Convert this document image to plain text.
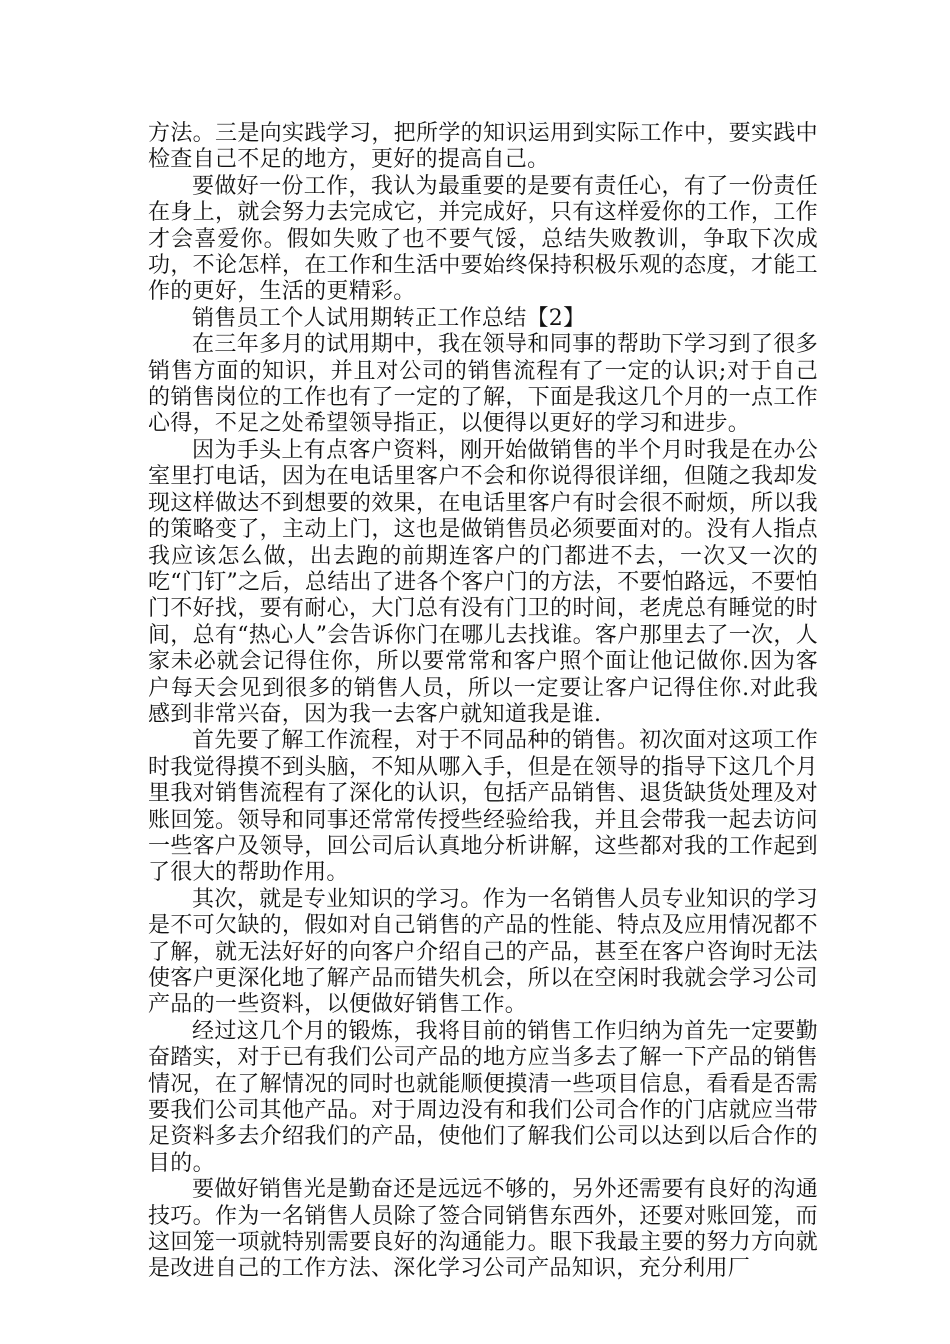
方法。三是向实践学习，把所学的知识运用到实际工作中，要实践中检查自己不足的地方，更好的提高自己。

要做好一份工作，我认为最重要的是要有责任心，有了一份责任在身上，就会努力去完成它，并完成好，只有这样爱你的工作，工作才会喜爱你。假如失败了也不要气馁，总结失败教训，争取下次成功，不论怎样，在工作和生活中要始终保持积极乐观的态度，才能工作的更好，生活的更精彩。

销售员工个人试用期转正工作总结【2】

在三年多月的试用期中，我在领导和同事的帮助下学习到了很多销售方面的知识，并且对公司的销售流程有了一定的认识;对于自己的销售岗位的工作也有了一定的了解，下面是我这几个月的一点工作心得，不足之处希望领导指正，以便得以更好的学习和进步。

因为手头上有点客户资料，刚开始做销售的半个月时我是在办公室里打电话，因为在电话里客户不会和你说得很详细，但随之我却发现这样做达不到想要的效果，在电话里客户有时会很不耐烦，所以我的策略变了，主动上门，这也是做销售员必须要面对的。没有人指点我应该怎么做，出去跑的前期连客户的门都进不去，一次又一次的吃“门钉”之后，总结出了进各个客户门的方法，不要怕路远，不要怕门不好找，要有耐心，大门总有没有门卫的时间，老虎总有睡觉的时间，总有“热心人”会告诉你门在哪儿去找谁。客户那里去了一次，人家未必就会记得住你，所以要常常和客户照个面让他记做你.因为客户每天会见到很多的销售人员，所以一定要让客户记得住你.对此我感到非常兴奋，因为我一去客户就知道我是谁.

首先要了解工作流程，对于不同品种的销售。初次面对这项工作时我觉得摸不到头脑，不知从哪入手，但是在领导的指导下这几个月里我对销售流程有了深化的认识，包括产品销售、退货缺货处理及对账回笼。领导和同事还常常传授些经验给我，并且会带我一起去访问一些客户及领导，回公司后认真地分析讲解，这些都对我的工作起到了很大的帮助作用。

其次，就是专业知识的学习。作为一名销售人员专业知识的学习是不可欠缺的，假如对自己销售的产品的性能、特点及应用情况都不了解，就无法好好的向客户介绍自己的产品，甚至在客户咨询时无法使客户更深化地了解产品而错失机会，所以在空闲时我就会学习公司产品的一些资料，以便做好销售工作。

经过这几个月的锻炼，我将目前的销售工作归纳为首先一定要勤奋踏实，对于已有我们公司产品的地方应当多去了解一下产品的销售情况，在了解情况的同时也就能顺便摸清一些项目信息，看看是否需要我们公司其他产品。对于周边没有和我们公司合作的门店就应当带足资料多去介绍我们的产品，使他们了解我们公司以达到以后合作的目的。

要做好销售光是勤奋还是远远不够的，另外还需要有良好的沟通技巧。作为一名销售人员除了签合同销售东西外，还要对账回笼，而这回笼一项就特别需要良好的沟通能力。眼下我最主要的努力方向就是改进自己的工作方法、深化学习公司产品知识，充分利用厂
